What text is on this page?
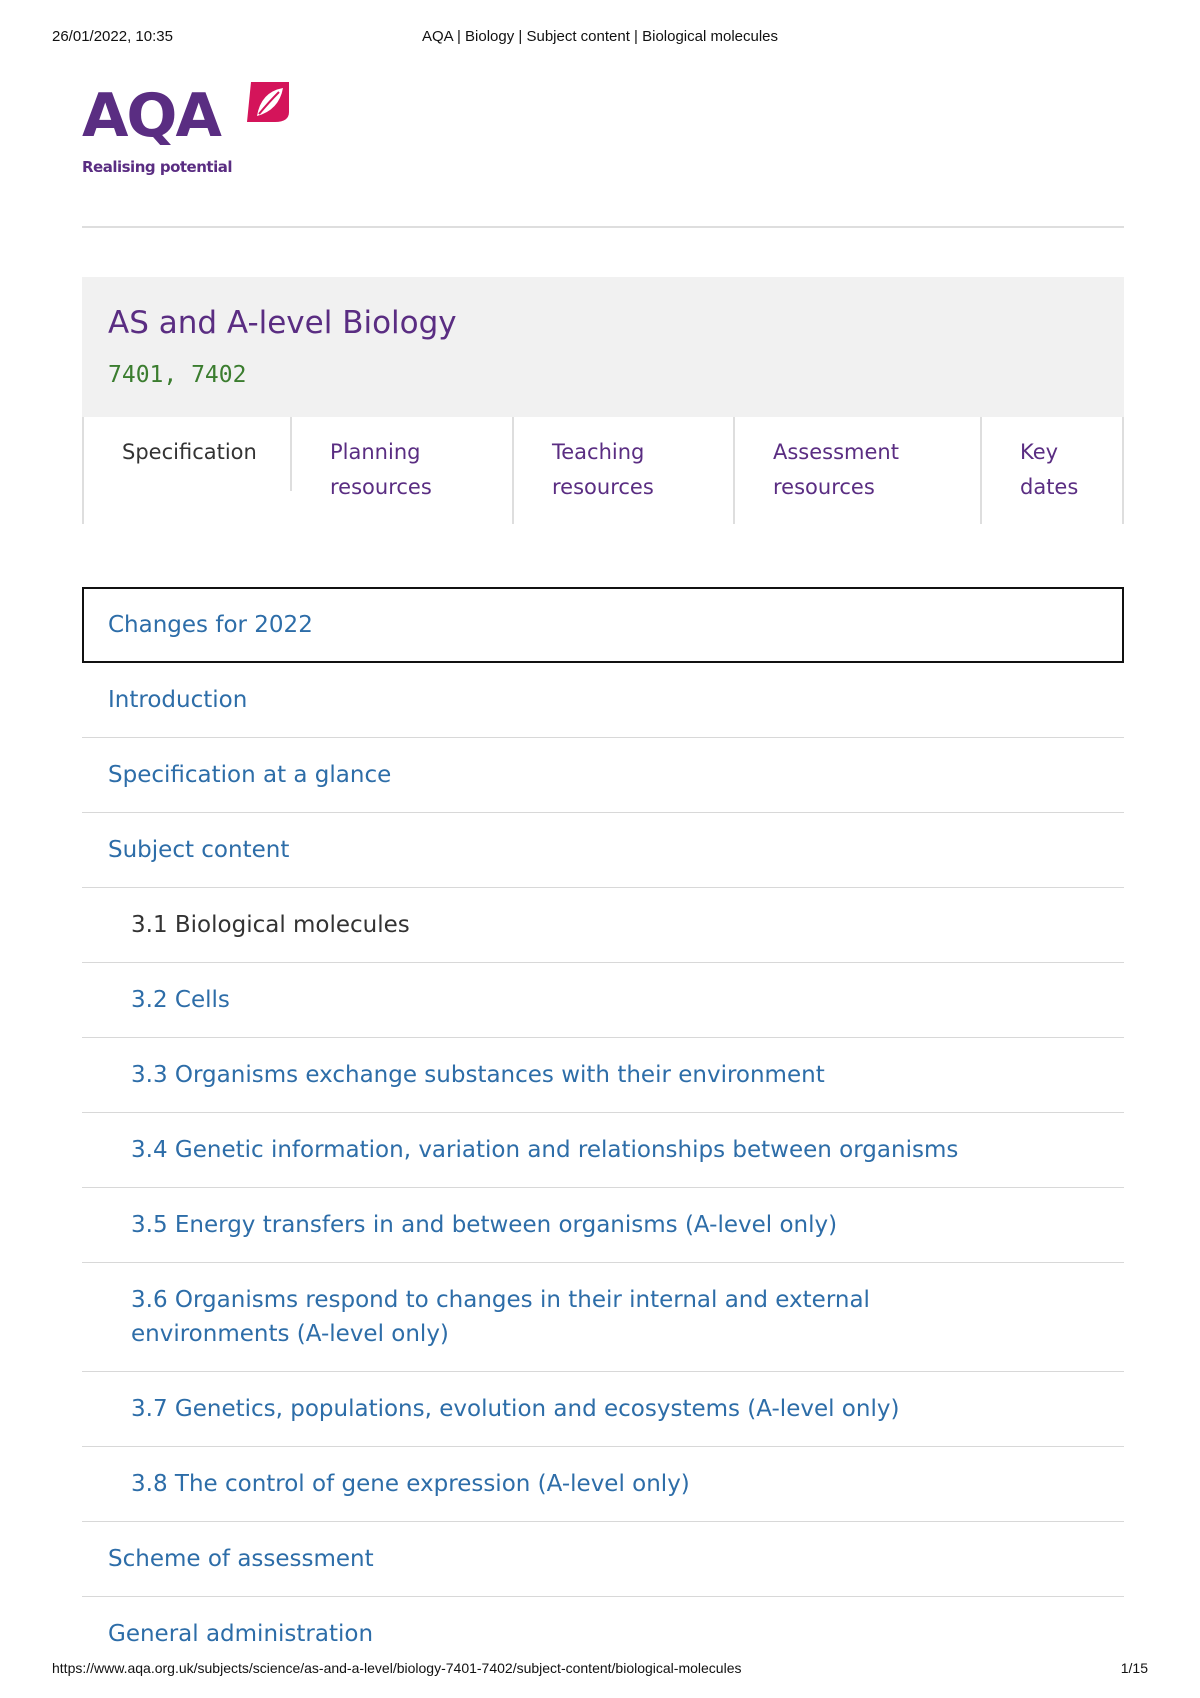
26/01/2022, 10:35	AQA | Biology | Subject content | Biological molecules
AQA
Realising potential
AS and A-level Biology
7401, 7402
Specification	Planning
resources
Teaching
resources
Assessment
resources
Key
dates
Changes for 2022
Introduction
Specification at a glance
Subject content
3.1 Biological molecules
3.2 Cells
3.3 Organisms exchange substances with their environment
3.4 Genetic information, variation and relationships between organisms
3.5 Energy transfers in and between organisms (A-level only)
3.6 Organisms respond to changes in their internal and external environments (A-level only)
3.7 Genetics, populations, evolution and ecosystems (A-level only)
3.8 The control of gene expression (A-level only)
Scheme of assessment
General administration
https://www.aqa.org.uk/subjects/science/as-and-a-level/biology-7401-7402/subject-content/biological-molecules	1/15
